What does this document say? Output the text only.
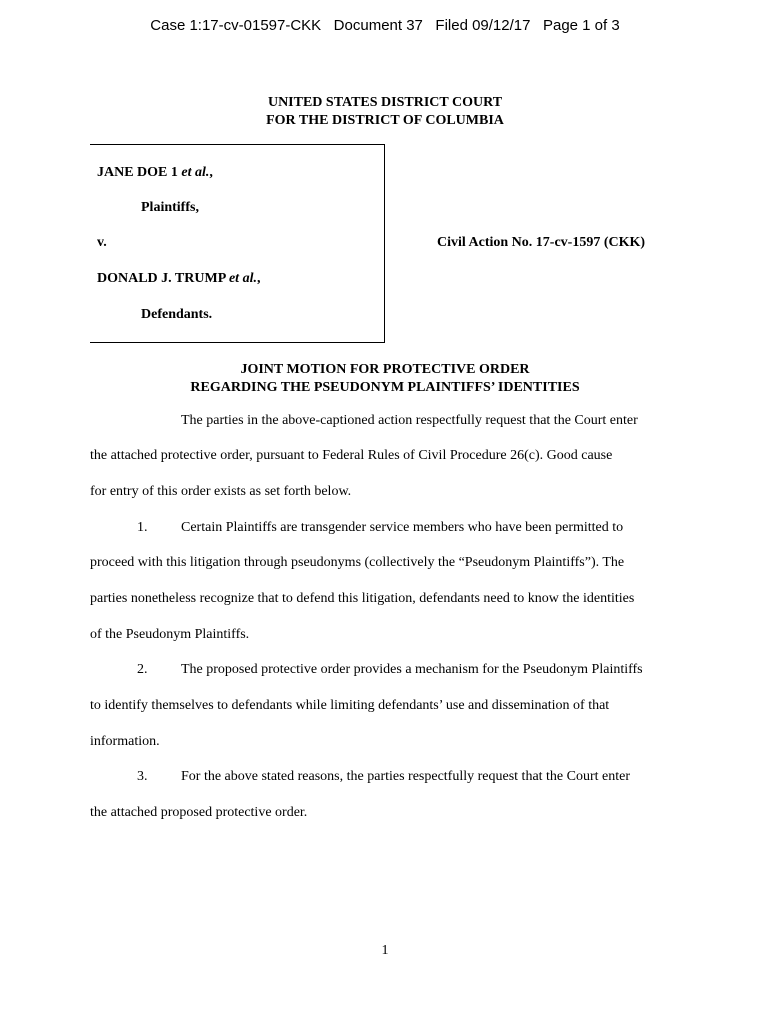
Case 1:17-cv-01597-CKK   Document 37   Filed 09/12/17   Page 1 of 3
UNITED STATES DISTRICT COURT
FOR THE DISTRICT OF COLUMBIA
JANE DOE 1 et al.,
Plaintiffs,
v.	Civil Action No. 17-cv-1597 (CKK)
DONALD J. TRUMP et al.,
Defendants.
JOINT MOTION FOR PROTECTIVE ORDER
REGARDING THE PSEUDONYM PLAINTIFFS’ IDENTITIES
The parties in the above-captioned action respectfully request that the Court enter
the attached protective order, pursuant to Federal Rules of Civil Procedure 26(c). Good cause
for entry of this order exists as set forth below.
1. Certain Plaintiffs are transgender service members who have been permitted to
proceed with this litigation through pseudonyms (collectively the “Pseudonym Plaintiffs”). The
parties nonetheless recognize that to defend this litigation, defendants need to know the identities
of the Pseudonym Plaintiffs.
2. The proposed protective order provides a mechanism for the Pseudonym Plaintiffs
to identify themselves to defendants while limiting defendants’ use and dissemination of that
information.
3. For the above stated reasons, the parties respectfully request that the Court enter
the attached proposed protective order.
1
